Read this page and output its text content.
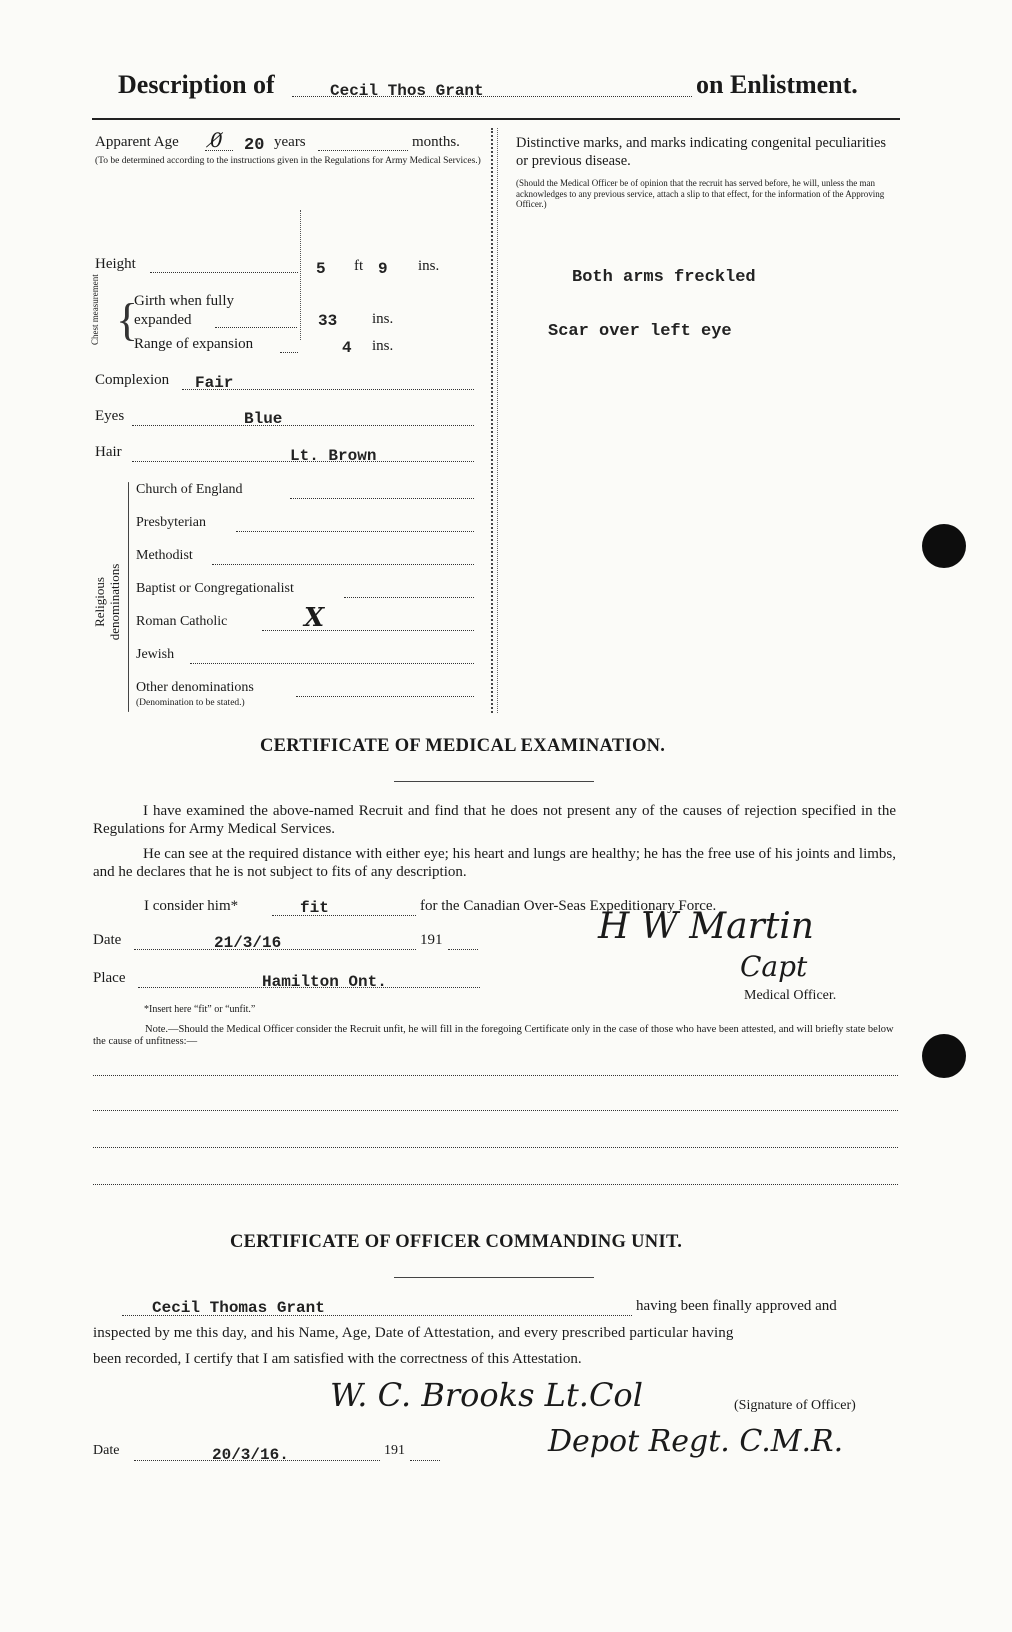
Description of	Cecil Thos Grant	on Enlistment.
Apparent Age 0̸ 20 years	months.
(To be determined according to the instructions given in the Regulations for Army Medical Services.)
Height	5 ft 9 ins.
Chest measurement {
Girth when fully expanded	33 ins.
Range of expansion	4 ins.
Complexion Fair
Eyes	Blue
Hair	Lt. Brown
Religious denominations
Church of England
Presbyterian
Methodist
Baptist or Congregationalist
Roman Catholic	X
Jewish
Other denominations
(Denomination to be stated.)
Distinctive marks, and marks indicating congenital peculiarities or previous disease.
(Should the Medical Officer be of opinion that the recruit has served before, he will, unless the man acknowledges to any previous service, attach a slip to that effect, for the information of the Approving Officer.)
Both arms freckled
Scar over left eye
CERTIFICATE OF MEDICAL EXAMINATION.
I have examined the above-named Recruit and find that he does not present any of the causes of rejection specified in the Regulations for Army Medical Services.
He can see at the required distance with either eye; his heart and lungs are healthy; he has the free use of his joints and limbs, and he declares that he is not subject to fits of any description.
I consider him*	fit	for the Canadian Over-Seas Expeditionary Force.
Date	21/3/16	191
Place	Hamilton Ont.
H W Martin
Capt
Medical Officer.
*Insert here “fit” or “unfit.”
Note.—Should the Medical Officer consider the Recruit unfit, he will fill in the foregoing Certificate only in the case of those who have been attested, and will briefly state below the cause of unfitness:—
CERTIFICATE OF OFFICER COMMANDING UNIT.
Cecil Thomas Grant	having been finally approved and
inspected by me this day, and his Name, Age, Date of Attestation, and every prescribed particular having
been recorded, I certify that I am satisfied with the correctness of this Attestation.
W. C. Brooks Lt.Col	(Signature of Officer)
Depot Regt. C.M.R.
Date	20/3/16.	191
